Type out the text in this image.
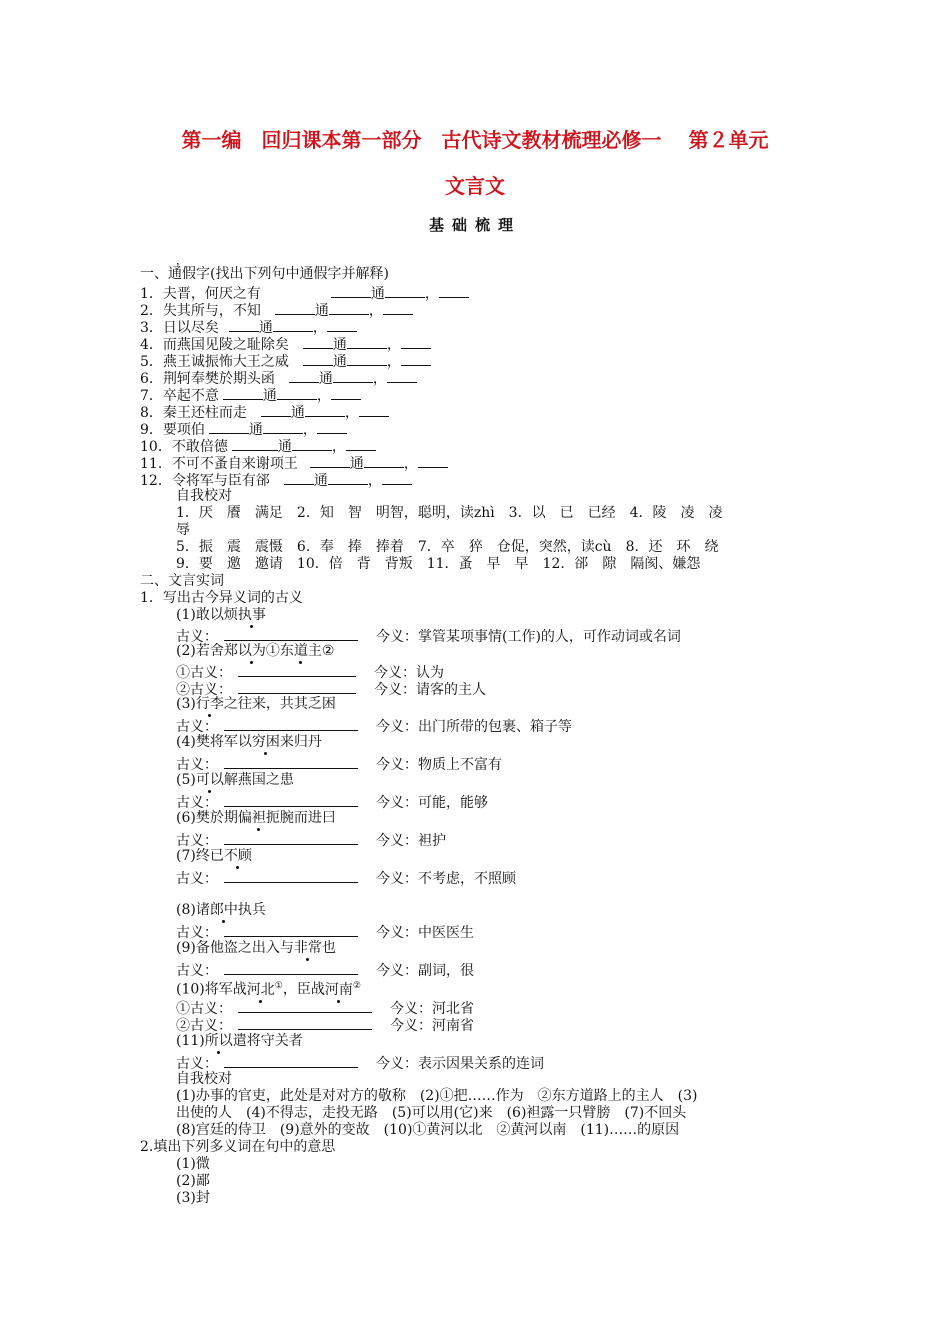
第一编　回归课本第一部分　古代诗文教材梳理必修一　 第２单元
文言文
基础梳理
，
一、通假字(找出下列句中通假字并解释)
1．夫晋，何厌之有	通	，
2．失其所与，不知	通	，
3．日以尽矣	通	，
4．而燕国见陵之耻除矣	通	，
5．燕王诚振怖大王之威	通	，
6．荆轲奉樊於期头函	通	，
7．卒起不意	通	，
8．秦王还柱而走	通	，
9．要项伯	通	，
10．不敢倍德	通	，
11．不可不蚤自来谢项王	通	，
12．令将军与臣有郤	通	，
自我校对
1．厌　餍　满足　2．知　智　明智，聪明，读zhì　3．以　已　已经　4．陵　凌　凌
辱
5．振　震　震慑　6．奉　捧　捧着　7．卒　猝　仓促，突然，读cù　8．还　环　绕
9．要　邀　邀请　10．倍　背　背叛　11．蚤　早　早　12．郤　隙　隔阂、嫌怨
二、文言实词
1．写出古今异义词的古义
(1)敢以烦执事
古义：	今义：掌管某项事情(工作)的人，可作动词或名词
(2)若舍郑以为①东道主②
①古义：	今义：认为
②古义：	今义：请客的主人
(3)行李之往来，共其乏困
古义：	今义：出门所带的包裹、箱子等
(4)樊将军以穷困来归丹
古义：	今义：物质上不富有
(5)可以解燕国之患
古义：	今义：可能，能够
(6)樊於期偏袒扼腕而进曰
古义：	今义：袒护
(7)终已不顾
古义：	今义：不考虑，不照顾
(8)诸郎中执兵
古义：	今义：中医医生
(9)备他盗之出入与非常也
古义：	今义：副词，很
(10)将军战河北①，臣战河南②
①古义：	今义：河北省
②古义：	今义：河南省
(11)所以遣将守关者
古义：	今义：表示因果关系的连词
自我校对
(1)办事的官吏，此处是对对方的敬称　(2)①把……作为　②东方道路上的主人　(3)
出使的人　(4)不得志，走投无路　(5)可以用(它)来　(6)袒露一只臂膀　(7)不回头
(8)宫廷的侍卫　(9)意外的变故　(10)①黄河以北　②黄河以南　(11)……的原因
2.填出下列多义词在句中的意思
(1)微
(2)鄙
(3)封
